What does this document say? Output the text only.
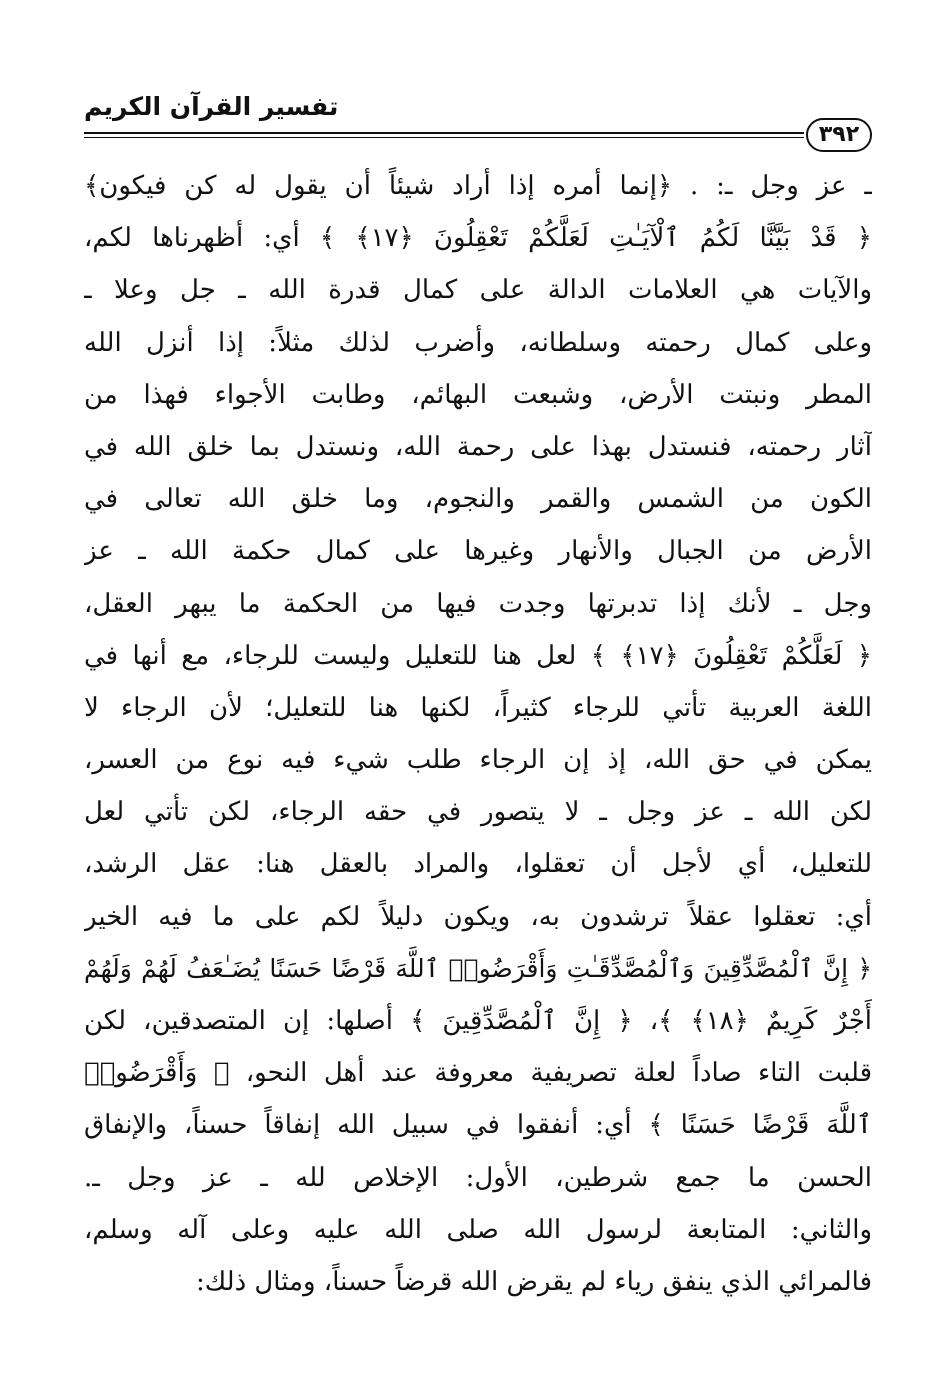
تفسير القرآن الكريم
٣٩٢
ـ عز وجل ـ: . ﴿إنما أمره إذا أراد شيئاً أن يقول له كن فيكون﴾
﴿ قَدْ بَيَّنَّا لَكُمُ ٱلْآيَـٰتِ لَعَلَّكُمْ تَعْقِلُونَ ﴿١٧﴾ ﴾ أي: أظهرناها لكم،
والآيات هي العلامات الدالة على كمال قدرة الله ـ جل وعلا ـ
وعلى كمال رحمته وسلطانه، وأضرب لذلك مثلاً: إذا أنزل الله
المطر ونبتت الأرض، وشبعت البهائم، وطابت الأجواء فهذا من
آثار رحمته، فنستدل بهذا على رحمة الله، ونستدل بما خلق الله في
الكون من الشمس والقمر والنجوم، وما خلق الله تعالى في
الأرض من الجبال والأنهار وغيرها على كمال حكمة الله ـ عز
وجل ـ لأنك إذا تدبرتها وجدت فيها من الحكمة ما يبهر العقل،
﴿ لَعَلَّكُمْ تَعْقِلُونَ ﴿١٧﴾ ﴾ لعل هنا للتعليل وليست للرجاء، مع أنها في
اللغة العربية تأتي للرجاء كثيراً، لكنها هنا للتعليل؛ لأن الرجاء لا
يمكن في حق الله، إذ إن الرجاء طلب شيء فيه نوع من العسر،
لكن الله ـ عز وجل ـ لا يتصور في حقه الرجاء، لكن تأتي لعل
للتعليل، أي لأجل أن تعقلوا، والمراد بالعقل هنا: عقل الرشد،
أي: تعقلوا عقلاً ترشدون به، ويكون دليلاً لكم على ما فيه الخير
﴿ إِنَّ ٱلْمُصَّدِّقِينَ وَٱلْمُصَّدِّقَـٰتِ وَأَقْرَضُوا۟ ٱللَّهَ قَرْضًا حَسَنًا يُضَـٰعَفُ لَهُمْ وَلَهُمْ
أَجْرٌ كَرِيمٌ ﴿١٨﴾ ﴾، ﴿ إِنَّ ٱلْمُصَّدِّقِينَ ﴾ أصلها: إن المتصدقين، لكن
قلبت التاء صاداً لعلة تصريفية معروفة عند أهل النحو، ﴿ وَأَقْرَضُوا۟
ٱللَّهَ قَرْضًا حَسَنًا ﴾ أي: أنفقوا في سبيل الله إنفاقاً حسناً، والإنفاق
الحسن ما جمع شرطين، الأول: الإخلاص لله ـ عز وجل ـ.
والثاني: المتابعة لرسول الله صلى الله عليه وعلى آله وسلم،
فالمرائي الذي ينفق رياء لم يقرض الله قرضاً حسناً، ومثال ذلك:
